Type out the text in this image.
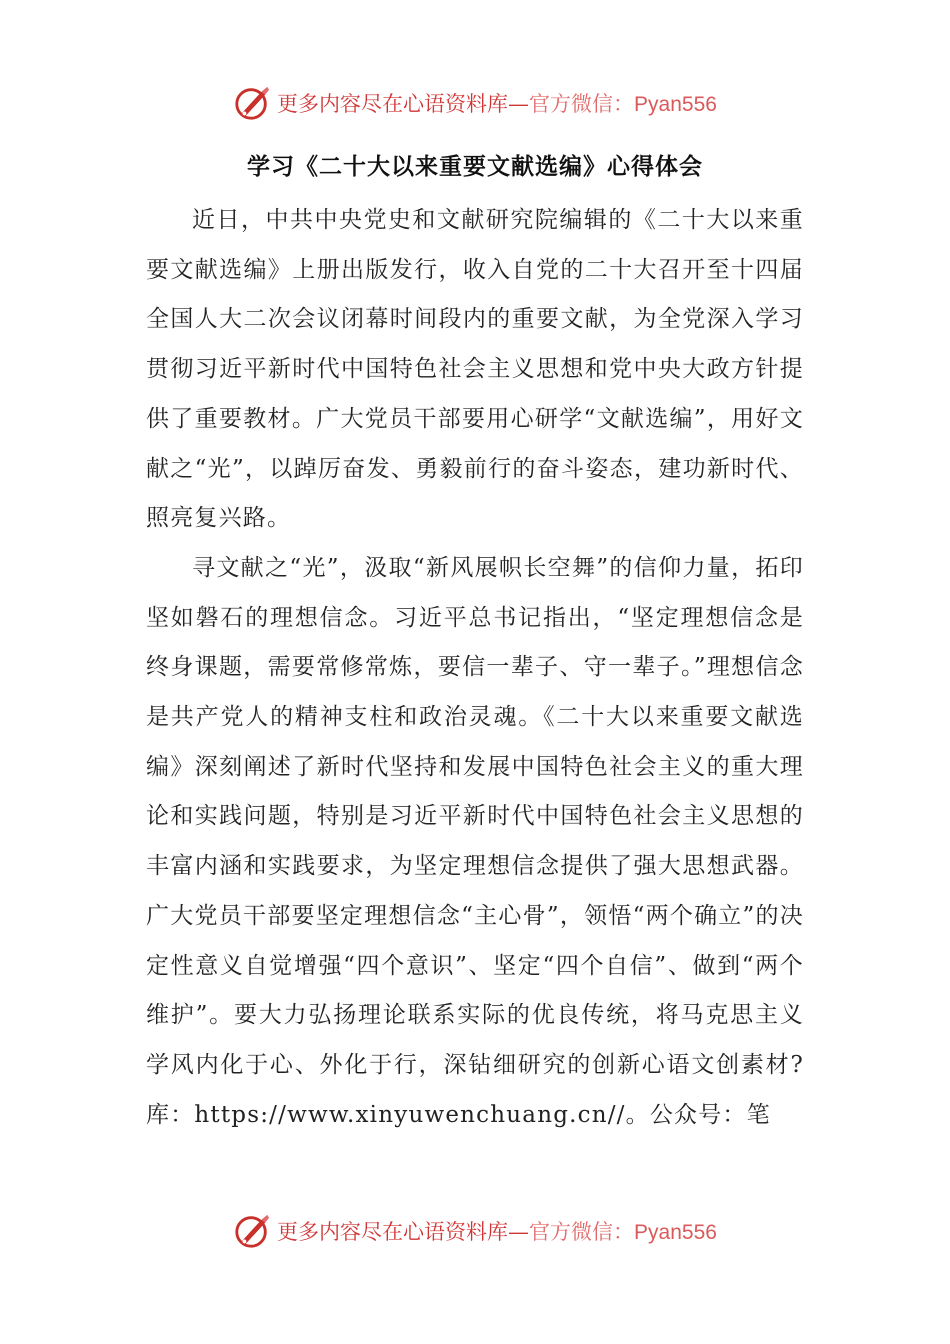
更多内容尽在心语资料库—官方微信：Pyan556
学习《二十大以来重要文献选编》心得体会

近日，中共中央党史和文献研究院编辑的《二十大以来重要文献选编》上册出版发行，收入自党的二十大召开至十四届全国人大二次会议闭幕时间段内的重要文献，为全党深入学习贯彻习近平新时代中国特色社会主义思想和党中央大政方针提供了重要教材。广大党员干部要用心研学“文献选编”，用好文献之“光”，以踔厉奋发、勇毅前行的奋斗姿态，建功新时代、照亮复兴路。

寻文献之“光”，汲取“新风展帜长空舞”的信仰力量，拓印坚如磐石的理想信念。习近平总书记指出，“坚定理想信念是终身课题，需要常修常炼，要信一辈子、守一辈子。”理想信念是共产党人的精神支柱和政治灵魂。《二十大以来重要文献选编》深刻阐述了新时代坚持和发展中国特色社会主义的重大理论和实践问题，特别是习近平新时代中国特色社会主义思想的丰富内涵和实践要求，为坚定理想信念提供了强大思想武器。广大党员干部要坚定理想信念“主心骨”，领悟“两个确立”的决定性意义自觉增强“四个意识”、坚定“四个自信”、做到“两个维护”。要大力弘扬理论联系实际的优良传统，将马克思主义学风内化于心、外化于行，深钻细研究的创新心语文创素材?库：https://www.xinyuwenchuang.cn//。公众号：笔

更多内容尽在心语资料库—官方微信：Pyan556
